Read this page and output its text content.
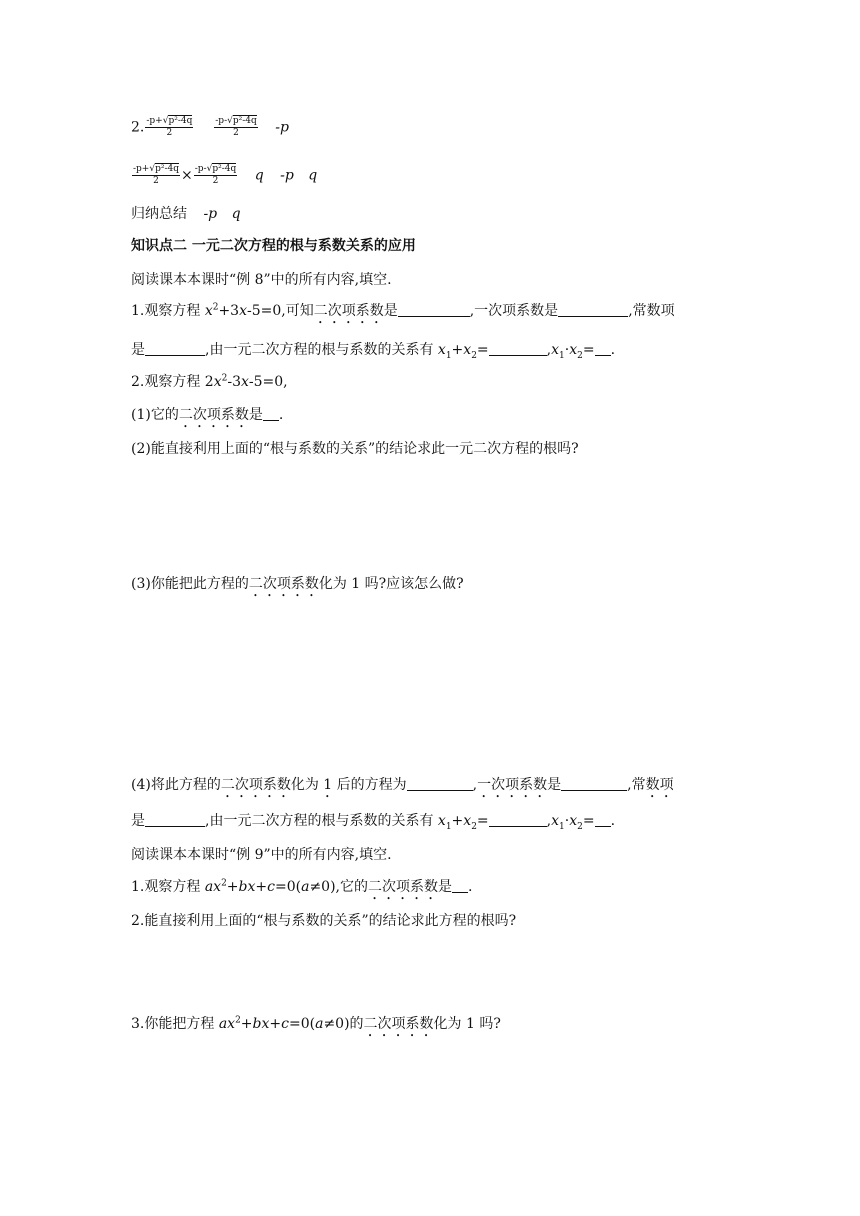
2. $\frac{\text{-p+√p²-4q}}{2}$
$\frac{\text{-p-√p²-4q}}{2} -p$
$\frac{\text{-p+√p²-4q}}{2} \times \frac{\text{-p-√p²-4q}}{2}$ q -p q
归纳总结 -p q
知识点二 一元二次方程的根与系数关系的应用
阅读课本本课时“例 8”中的所有内容,填空.
1.观察方程 $x^2+3x-5=0$,可知二次项系数是	,一次项系数是	,常数项
是	,由一元二次方程的根与系数的关系有 $x_1+x_2=$	$,x_1\cdot x_2=$ .
2.观察方程 $2x^2-3x-5=0$,
(1)它的二次项系数是 .
(2)能直接利用上面的“根与系数的关系”的结论求此一元二次方程的根吗?
(3)你能把此方程的二次项系数化为 1 吗?应该怎么做?
(4)将此方程的二次项系数化为 1 后的方程为	,一次项系数是	,常数项
是	,由一元二次方程的根与系数的关系有 $x_1+x_2=$	$,x_1\cdot x_2=$ .
阅读课本本课时“例 9”中的所有内容,填空.
1.观察方程 $ax^2+bx+c=0(a\ne 0)$,它的二次项系数是 .
2.能直接利用上面的“根与系数的关系”的结论求此方程的根吗?
3.你能把方程 $ax^2+bx+c=0(a\ne 0)$的二次项系数化为 1 吗?
